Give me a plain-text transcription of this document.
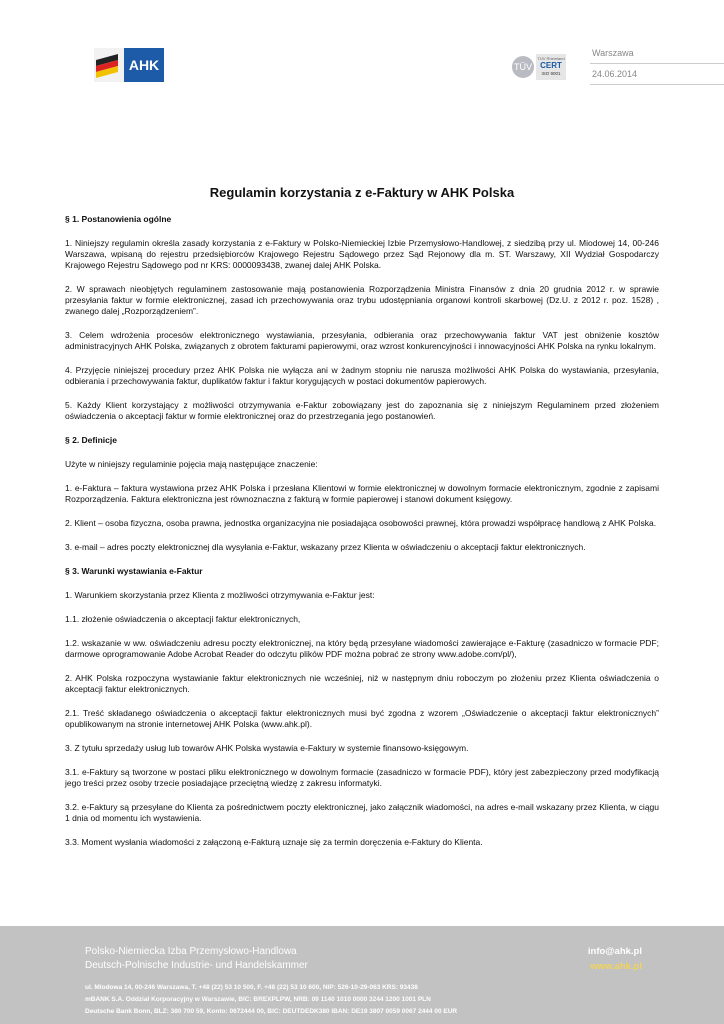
AHK	TÜV
TÜV Rheinland
CERT
ISO 9001
Warszawa
24.06.2014
Regulamin korzystania z e-Faktury w AHK Polska

§ 1. Postanowienia ogólne

1. Niniejszy regulamin określa zasady korzystania z e-Faktury w Polsko-Niemieckiej Izbie Przemysłowo-Handlowej, z siedzibą przy ul. Miodowej 14, 00-246 Warszawa, wpisaną do rejestru przedsiębiorców Krajowego Rejestru Sądowego przez Sąd Rejonowy dla m. ST. Warszawy, XII Wydział Gospodarczy Krajowego Rejestru Sądowego pod nr KRS: 0000093438, zwanej dalej AHK Polska.

2. W sprawach nieobjętych regulaminem zastosowanie mają postanowienia Rozporządzenia Ministra Finansów z dnia 20 grudnia 2012 r. w sprawie przesyłania faktur w formie elektronicznej, zasad ich przechowywania oraz trybu udostępniania organowi kontroli skarbowej (Dz.U. z 2012 r. poz. 1528) , zwanego dalej „Rozporządzeniem”.

3. Celem wdrożenia procesów elektronicznego wystawiania, przesyłania, odbierania oraz przechowywania faktur VAT jest obniżenie kosztów administracyjnych AHK Polska, związanych z obrotem fakturami papierowymi, oraz wzrost konkurencyjności i innowacyjności AHK Polska na rynku lokalnym.

4. Przyjęcie niniejszej procedury przez AHK Polska nie wyłącza ani w żadnym stopniu nie narusza możliwości AHK Polska do wystawiania, przesyłania, odbierania i przechowywania faktur, duplikatów faktur i faktur korygujących w postaci dokumentów papierowych.

5. Każdy Klient korzystający z możliwości otrzymywania e-Faktur zobowiązany jest do zapoznania się z niniejszym Regulaminem przed złożeniem oświadczenia o akceptacji faktur w formie elektronicznej oraz do przestrzegania jego postanowień.

§ 2. Definicje

Użyte w niniejszy regulaminie pojęcia mają następujące znaczenie:

1. e-Faktura – faktura wystawiona przez AHK Polska i przesłana Klientowi w formie elektronicznej w dowolnym formacie elektronicznym, zgodnie z zapisami Rozporządzenia. Faktura elektroniczna jest równoznaczna z fakturą w formie papierowej i stanowi dokument księgowy.

2. Klient – osoba fizyczna, osoba prawna, jednostka organizacyjna nie posiadająca osobowości prawnej, która prowadzi współpracę handlową z AHK Polska.

3. e-mail – adres poczty elektronicznej dla wysyłania e-Faktur, wskazany przez Klienta w oświadczeniu o akceptacji faktur elektronicznych.

§ 3. Warunki wystawiania e-Faktur

1. Warunkiem skorzystania przez Klienta z możliwości otrzymywania e-Faktur jest:

1.1. złożenie oświadczenia o akceptacji faktur elektronicznych,

1.2. wskazanie w ww. oświadczeniu adresu poczty elektronicznej, na który będą przesyłane wiadomości zawierające e-Fakturę (zasadniczo w formacie PDF; darmowe oprogramowanie Adobe Acrobat Reader do odczytu plików PDF można pobrać ze strony www.adobe.com/pl/),

2. AHK Polska rozpoczyna wystawianie faktur elektronicznych nie wcześniej, niż w następnym dniu roboczym po złożeniu przez Klienta oświadczenia o akceptacji faktur elektronicznych.

2.1. Treść składanego oświadczenia o akceptacji faktur elektronicznych musi być zgodna z wzorem „Oświadczenie o akceptacji faktur elektronicznych” opublikowanym na stronie internetowej AHK Polska (www.ahk.pl).

3. Z tytułu sprzedaży usług lub towarów AHK Polska wystawia e-Faktury w systemie finansowo-księgowym.

3.1. e-Faktury są tworzone w postaci pliku elektronicznego w dowolnym formacie (zasadniczo w formacie PDF), który jest zabezpieczony przed modyfikacją jego treści przez osoby trzecie posiadające przeciętną wiedzę z zakresu informatyki.

3.2. e-Faktury są przesyłane do Klienta za pośrednictwem poczty elektronicznej, jako załącznik wiadomości, na adres e-mail wskazany przez Klienta, w ciągu 1 dnia od momentu ich wystawienia.

3.3. Moment wysłania wiadomości z załączoną e-Fakturą uznaje się za termin doręczenia e-Faktury do Klienta.

Polsko-Niemiecka Izba Przemysłowo-Handlowa
Deutsch-Polnische Industrie- und Handelskammer
ul. Miodowa 14, 00-246 Warszawa, T. +48 (22) 53 10 500, F. +48 (22) 53 10 600, NIP: 526-10-29-063 KRS: 93438
mBANK S.A. Oddział Korporacyjny w Warszawie, BIC: BREXPLPW, NRB: 09 1140 1010 0000 3244 1200 1001 PLN
Deutsche Bank Bonn, BLZ: 380 700 59, Konto: 0672444 00, BIC: DEUTDEDK380 IBAN: DE19 3807 0059 0067 2444 00 EUR
info@ahk.pl
www.ahk.pl
